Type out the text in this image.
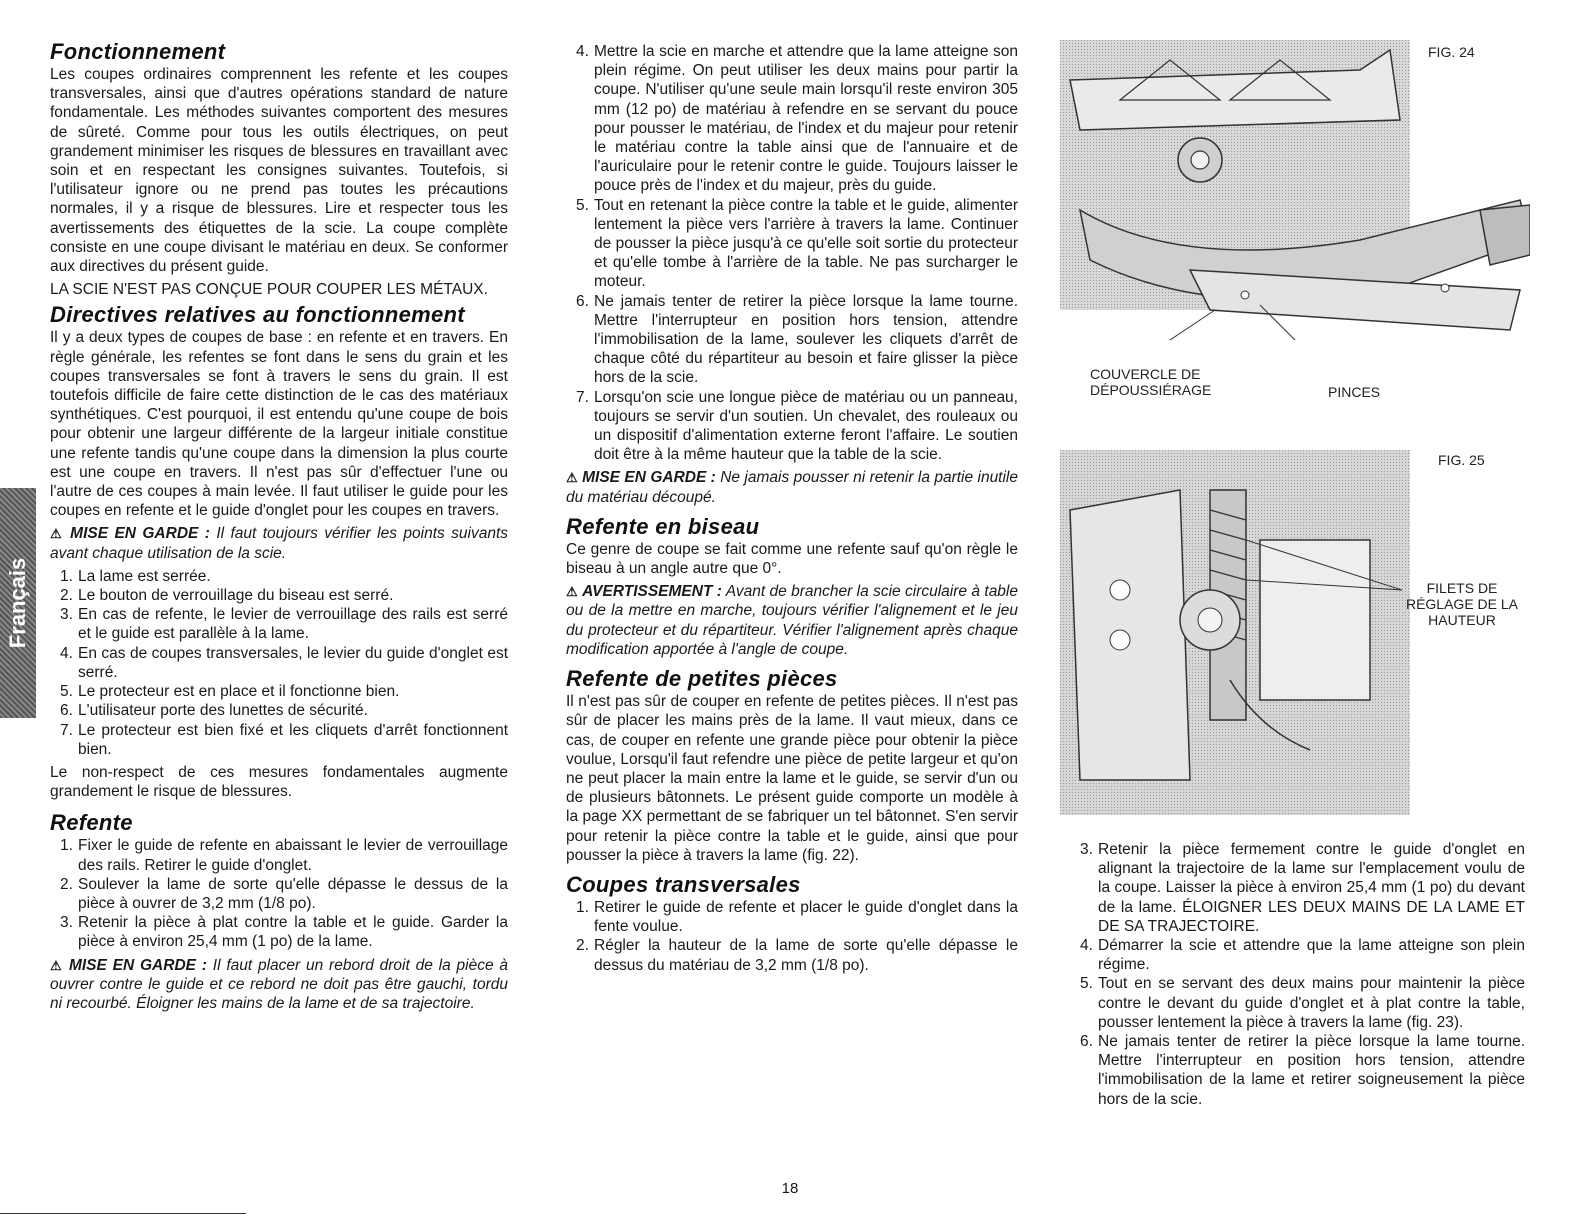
Français
Fonctionnement

Les coupes ordinaires comprennent les refente et les coupes transversales, ainsi que d'autres opérations standard de nature fondamentale. Les méthodes suivantes comportent des mesures de sûreté. Comme pour tous les outils électriques, on peut grandement minimiser les risques de blessures en travaillant avec soin et en respectant les consignes suivantes. Toutefois, si l'utilisateur ignore ou ne prend pas toutes les précautions normales, il y a risque de blessures. Lire et respecter tous les avertissements des étiquettes de la scie. La coupe complète consiste en une coupe divisant le matériau en deux. Se conformer aux directives du présent guide.

LA SCIE N'EST PAS CONÇUE POUR COUPER LES MÉTAUX.

Directives relatives au fonctionnement

Il y a deux types de coupes de base : en refente et en travers. En règle générale, les refentes se font dans le sens du grain et les coupes transversales se font à travers le sens du grain. Il est toutefois difficile de faire cette distinction de le cas des matériaux synthétiques. C'est pourquoi, il est entendu qu'une coupe de bois pour obtenir une largeur différente de la largeur initiale constitue une refente tandis qu'une coupe dans la dimension la plus courte est une coupe en travers. Il n'est pas sûr d'effectuer l'une ou l'autre de ces coupes à main levée. Il faut utiliser le guide pour les coupes en refente et le guide d'onglet pour les coupes en travers.

⚠ MISE EN GARDE : Il faut toujours vérifier les points suivants avant chaque utilisation de la scie.

1. La lame est serrée.
2. Le bouton de verrouillage du biseau est serré.
3. En cas de refente, le levier de verrouillage des rails est serré et le guide est parallèle à la lame.
4. En cas de coupes transversales, le levier du guide d'onglet est serré.
5. Le protecteur est en place et il fonctionne bien.
6. L'utilisateur porte des lunettes de sécurité.
7. Le protecteur est bien fixé et les cliquets d'arrêt fonctionnent bien.

Le non-respect de ces mesures fondamentales augmente grandement le risque de blessures.

Refente
1. Fixer le guide de refente en abaissant le levier de verrouillage des rails. Retirer le guide d'onglet.
2. Soulever la lame de sorte qu'elle dépasse le dessus de la pièce à ouvrer de 3,2 mm (1/8 po).
3. Retenir la pièce à plat contre la table et le guide. Garder la pièce à environ 25,4 mm (1 po) de la lame.

⚠ MISE EN GARDE : Il faut placer un rebord droit de la pièce à ouvrer contre le guide et ce rebord ne doit pas être gauchi, tordu ni recourbé. Éloigner les mains de la lame et de sa trajectoire.

4. Mettre la scie en marche et attendre que la lame atteigne son plein régime. On peut utiliser les deux mains pour partir la coupe. N'utiliser qu'une seule main lorsqu'il reste environ 305 mm (12 po) de matériau à refendre en se servant du pouce pour pousser le matériau, de l'index et du majeur pour retenir le matériau contre la table ainsi que de l'annuaire et de l'auriculaire pour le retenir contre le guide. Toujours laisser le pouce près de l'index et du majeur, près du guide.
5. Tout en retenant la pièce contre la table et le guide, alimenter lentement la pièce vers l'arrière à travers la lame. Continuer de pousser la pièce jusqu'à ce qu'elle soit sortie du protecteur et qu'elle tombe à l'arrière de la table. Ne pas surcharger le moteur.
6. Ne jamais tenter de retirer la pièce lorsque la lame tourne. Mettre l'interrupteur en position hors tension, attendre l'immobilisation de la lame, soulever les cliquets d'arrêt de chaque côté du répartiteur au besoin et faire glisser la pièce hors de la scie.
7. Lorsqu'on scie une longue pièce de matériau ou un panneau, toujours se servir d'un soutien. Un chevalet, des rouleaux ou un dispositif d'alimentation externe feront l'affaire. Le soutien doit être à la même hauteur que la table de la scie.

⚠ MISE EN GARDE : Ne jamais pousser ni retenir la partie inutile du matériau découpé.

Refente en biseau

Ce genre de coupe se fait comme une refente sauf qu'on règle le biseau à un angle autre que 0°.

⚠ AVERTISSEMENT : Avant de brancher la scie circulaire à table ou de la mettre en marche, toujours vérifier l'alignement et le jeu du protecteur et du répartiteur. Vérifier l'alignement après chaque modification apportée à l'angle de coupe.

Refente de petites pièces

Il n'est pas sûr de couper en refente de petites pièces. Il n'est pas sûr de placer les mains près de la lame. Il vaut mieux, dans ce cas, de couper en refente une grande pièce pour obtenir la pièce voulue, Lorsqu'il faut refendre une pièce de petite largeur et qu'on ne peut placer la main entre la lame et le guide, se servir d'un ou de plusieurs bâtonnets. Le présent guide comporte un modèle à la page XX permettant de se fabriquer un tel bâtonnet. S'en servir pour retenir la pièce contre la table et le guide, ainsi que pour pousser la pièce à travers la lame (fig. 22).

Coupes transversales
1. Retirer le guide de refente et placer le guide d'onglet dans la fente voulue.
2. Régler la hauteur de la lame de sorte qu'elle dépasse le dessus du matériau de 3,2 mm (1/8 po).
FIG. 24
COUVERCLE DE DÉPOUSSIÉRAGE	PINCES
FIG. 25
FILETS DE RÉGLAGE DE LA HAUTEUR
3. Retenir la pièce fermement contre le guide d'onglet en alignant la trajectoire de la lame sur l'emplacement voulu de la coupe. Laisser la pièce à environ 25,4 mm (1 po) du devant de la lame. ÉLOIGNER LES DEUX MAINS DE LA LAME ET DE SA TRAJECTOIRE.
4. Démarrer la scie et attendre que la lame atteigne son plein régime.
5. Tout en se servant des deux mains pour maintenir la pièce contre le devant du guide d'onglet et à plat contre la table, pousser lentement la pièce à travers la lame (fig. 23).
6. Ne jamais tenter de retirer la pièce lorsque la lame tourne. Mettre l'interrupteur en position hors tension, attendre l'immobilisation de la lame et retirer soigneusement la pièce hors de la scie.
18
